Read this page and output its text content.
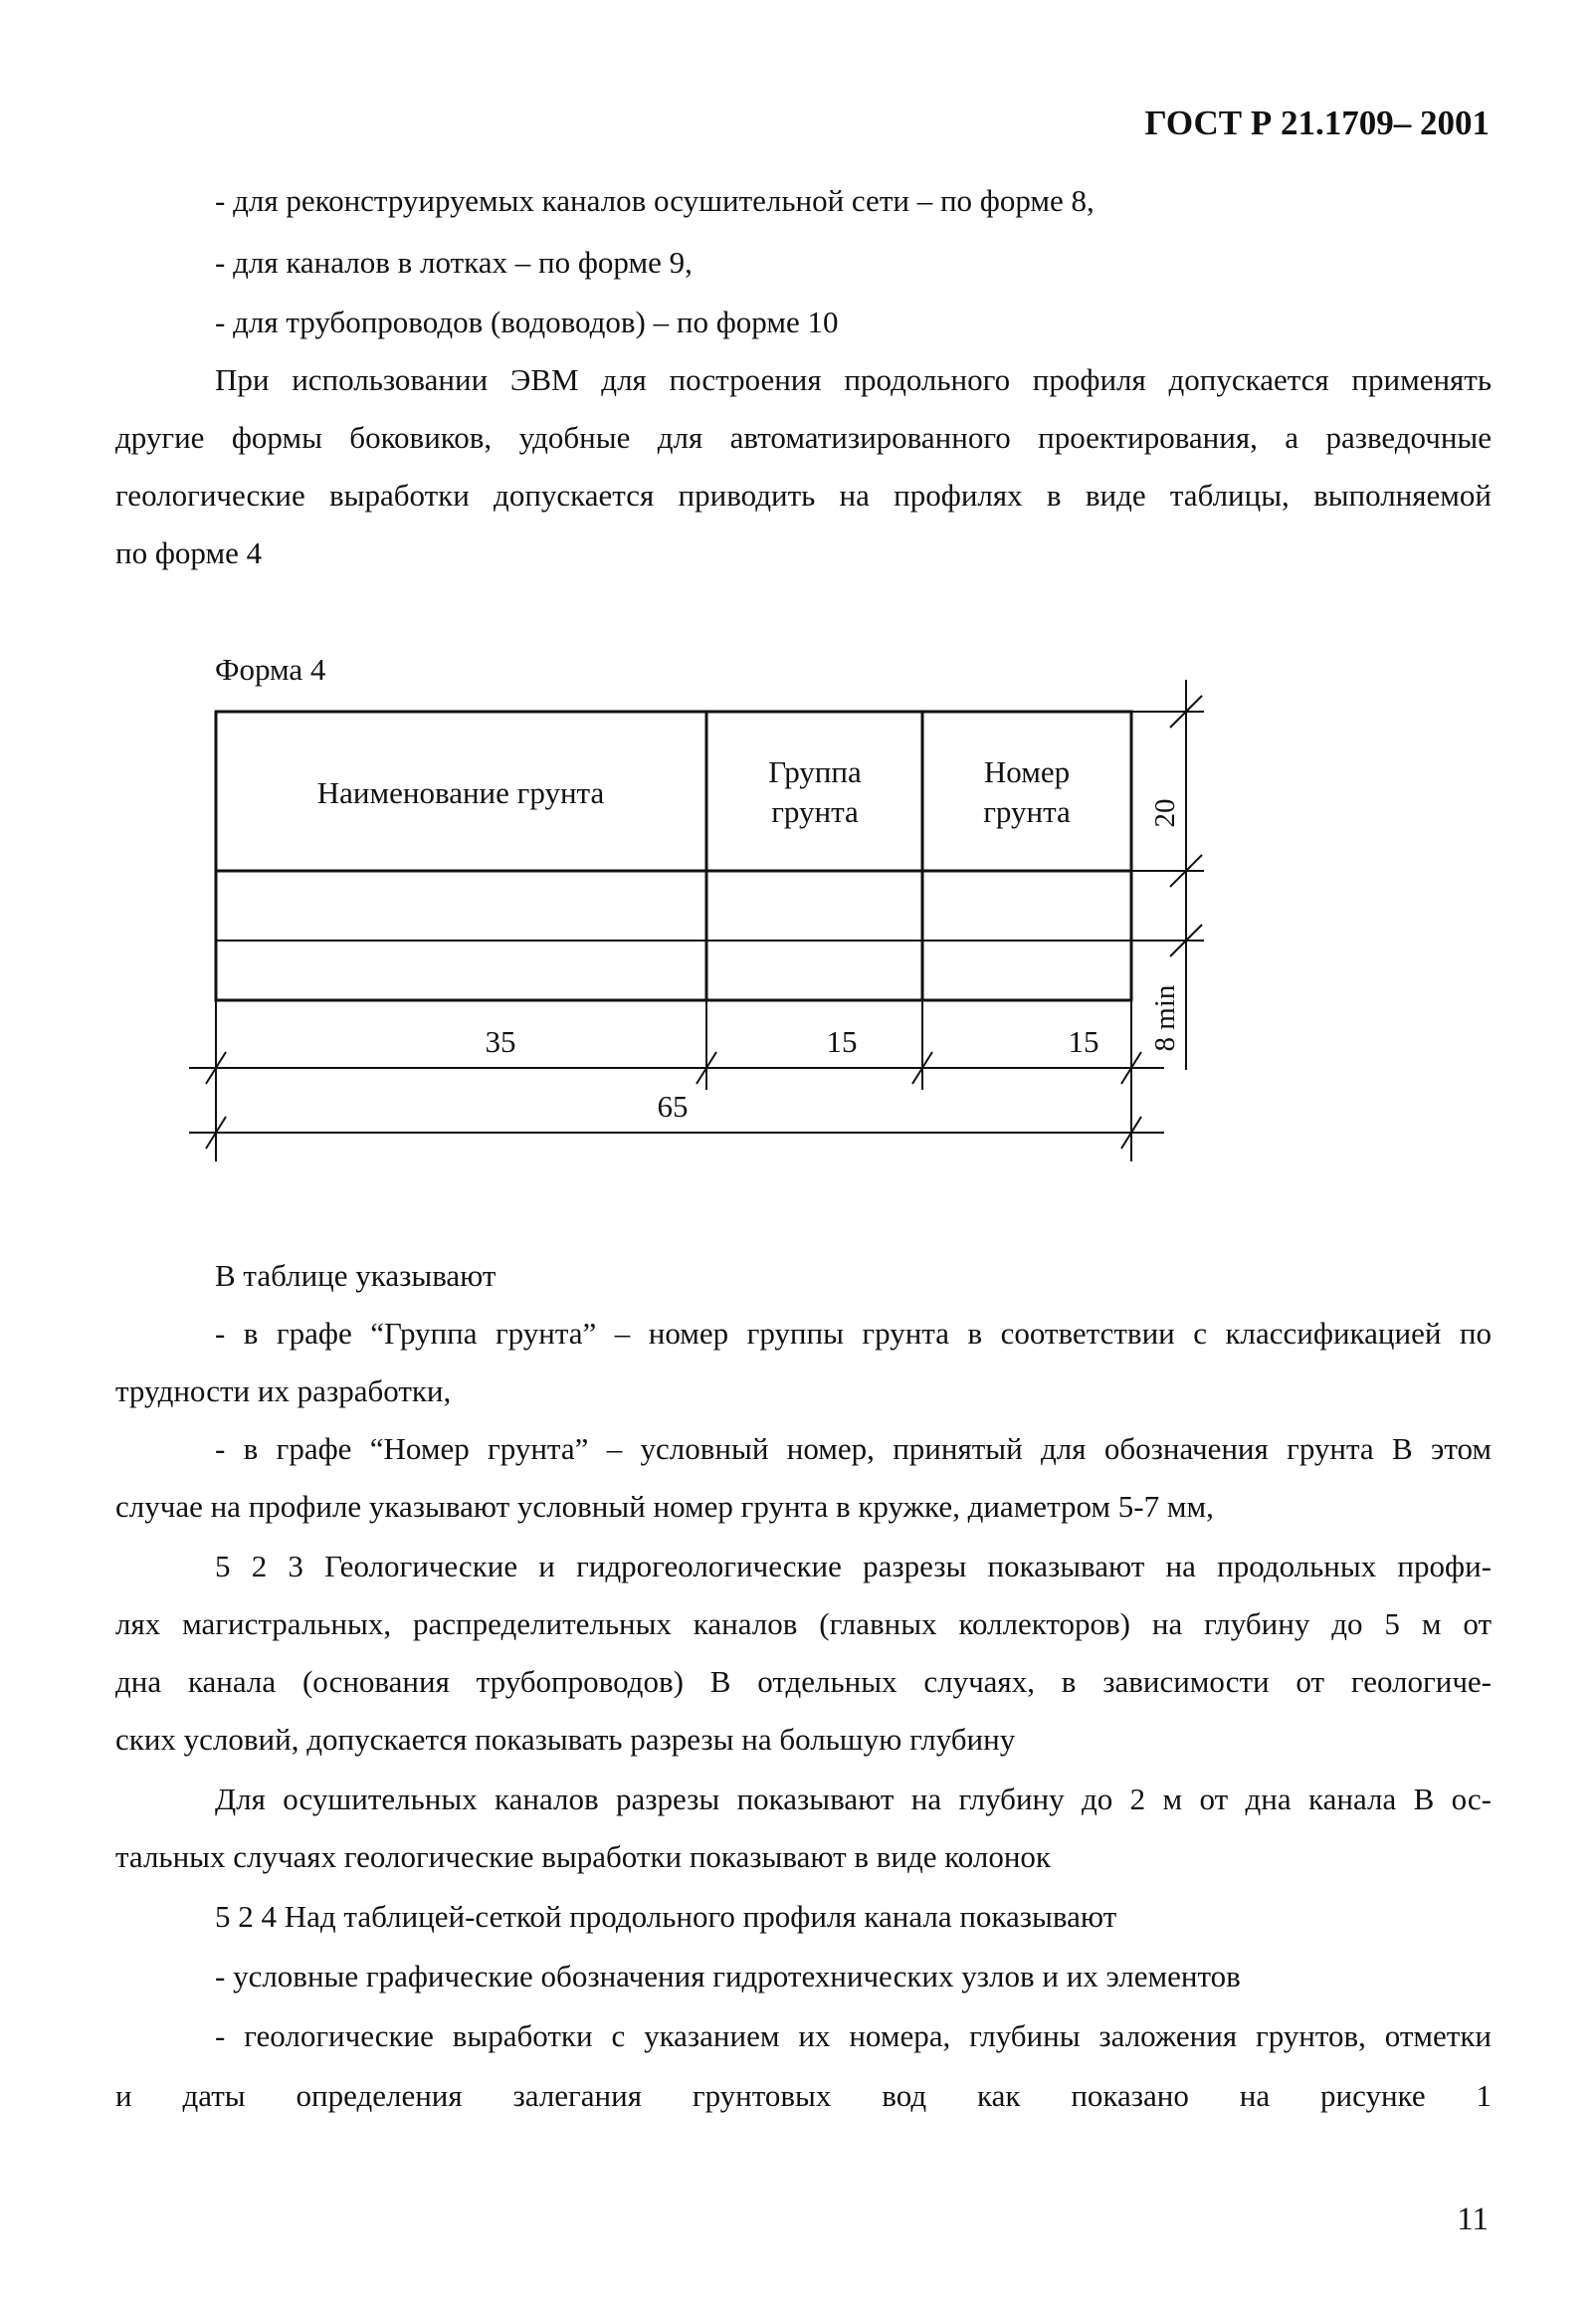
ГОСТ Р 21.1709– 2001
- для реконструируемых каналов осушительной сети – по форме 8,
- для каналов в лотках – по форме 9,
- для трубопроводов (водоводов) – по форме 10
При использовании ЭВМ для построения продольного профиля допускается применять
другие формы боковиков, удобные для автоматизированного проектирования, а разведочные
геологические выработки допускается приводить на профилях в виде таблицы, выполняемой
по форме 4
Форма 4
Наименование грунта
Группа
грунта
Номер
грунта
35	15	15
65
20
8 min
В таблице указывают
- в графе “Группа грунта” – номер группы грунта в соответствии с классификацией по
трудности их разработки,
- в графе “Номер грунта” – условный номер, принятый для обозначения грунта В этом
случае на профиле указывают условный номер грунта в кружке, диаметром 5-7 мм,
5 2 3 Геологические и гидрогеологические разрезы показывают на продольных профи-
лях магистральных, распределительных каналов (главных коллекторов) на глубину до 5 м от
дна канала (основания трубопроводов) В отдельных случаях, в зависимости от геологиче-
ских условий, допускается показывать разрезы на большую глубину
Для осушительных каналов разрезы показывают на глубину до 2 м от дна канала В ос-
тальных случаях геологические выработки показывают в виде колонок
5 2 4 Над таблицей-сеткой продольного профиля канала показывают
- условные графические обозначения гидротехнических узлов и их элементов
- геологические выработки с указанием их номера, глубины заложения грунтов, отметки
и даты определения залегания грунтовых вод как показано на рисунке 1
11
